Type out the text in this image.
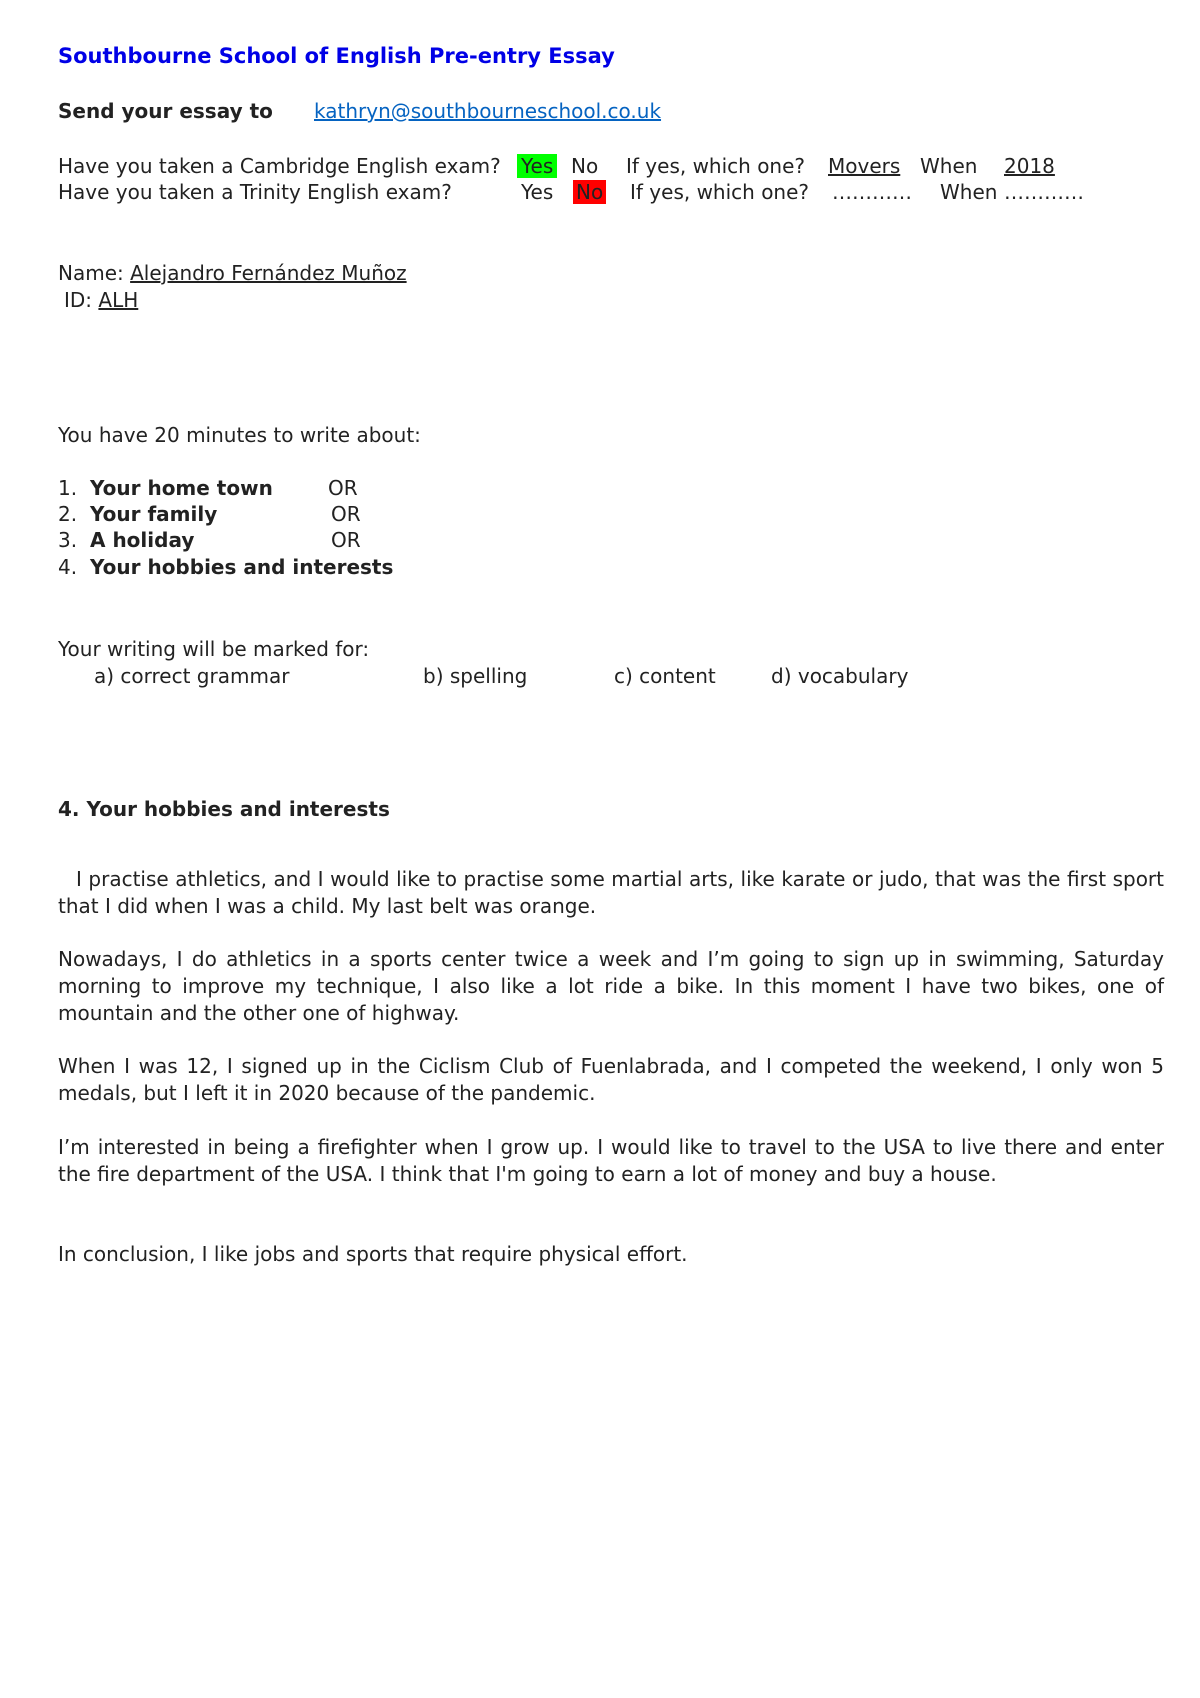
Southbourne School of English Pre-entry Essay
Send your essay to kathryn@southbourneschool.co.uk
Have you taken a Cambridge English exam? Yes No If yes, which one? Movers When 2018
Have you taken a Trinity English exam?	Yes No If yes, which one? ………… When …………
Name: Alejandro Fernández Muñoz
ID: ALH
You have 20 minutes to write about:
1. Your home town	OR
2. Your family	OR
3. A holiday	OR
4. Your hobbies and interests
Your writing will be marked for:
a) correct grammar	b) spelling	c) content	d) vocabulary
4. Your hobbies and interests

I practise athletics, and I would like to practise some martial arts, like karate or judo, that was the first sport that I did when I was a child. My last belt was orange.

Nowadays, I do athletics in a sports center twice a week and I’m going to sign up in swimming, Saturday morning to improve my technique, I also like a lot ride a bike. In this moment I have two bikes, one of mountain and the other one of highway.

When I was 12, I signed up in the Ciclism Club of Fuenlabrada, and I competed the weekend, I only won 5 medals, but I left it in 2020 because of the pandemic.

I’m interested in being a firefighter when I grow up. I would like to travel to the USA to live there and enter the fire department of the USA. I think that I'm going to earn a lot of money and buy a house.

In conclusion, I like jobs and sports that require physical effort.
